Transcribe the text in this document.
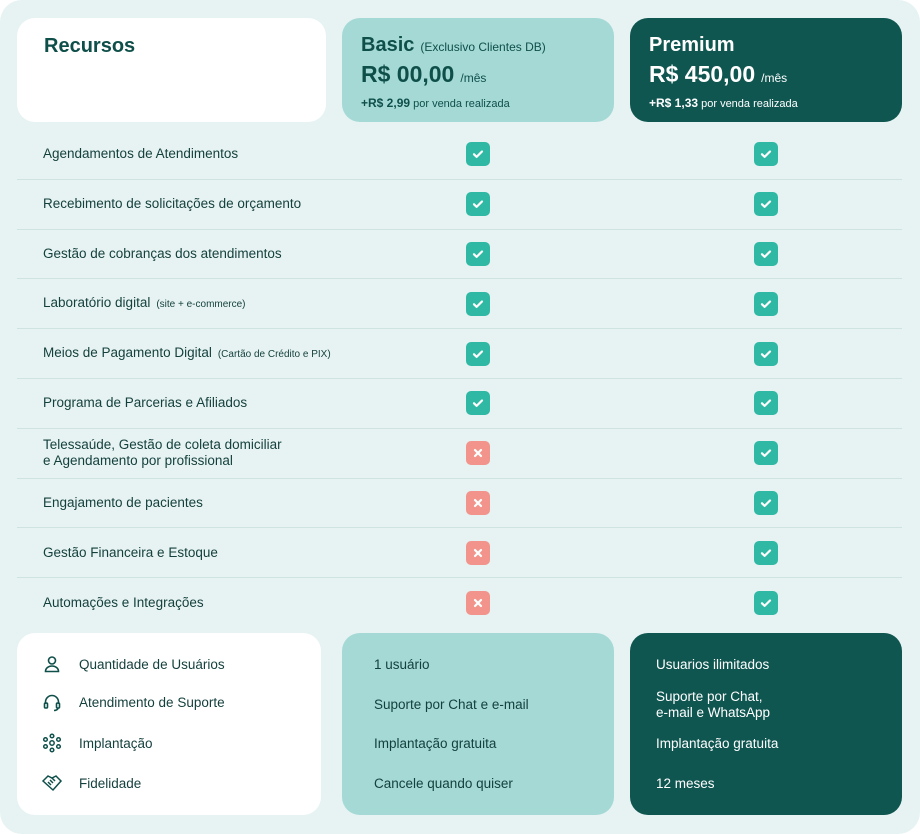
Recursos	Basic (Exclusivo Clientes DB)
R$ 00,00 /mês
+R$ 2,99 por venda realizada
Premium
R$ 450,00 /mês
+R$ 1,33 por venda realizada
Agendamentos de Atendimentos
Recebimento de solicitações de orçamento
Gestão de cobranças dos atendimentos
Laboratório digital (site + e-commerce)
Meios de Pagamento Digital (Cartão de Crédito e PIX)
Programa de Parcerias e Afiliados
Telessaúde, Gestão de coleta domiciliar
e Agendamento por profissional
Engajamento de pacientes
Gestão Financeira e Estoque
Automações e Integrações
Quantidade de Usuários
Atendimento de Suporte
Implantação
Fidelidade
1 usuário
Suporte por Chat e e-mail
Implantação gratuita
Cancele quando quiser
Usuarios ilimitados
Suporte por Chat,
e-mail e WhatsApp
Implantação gratuita
12 meses
